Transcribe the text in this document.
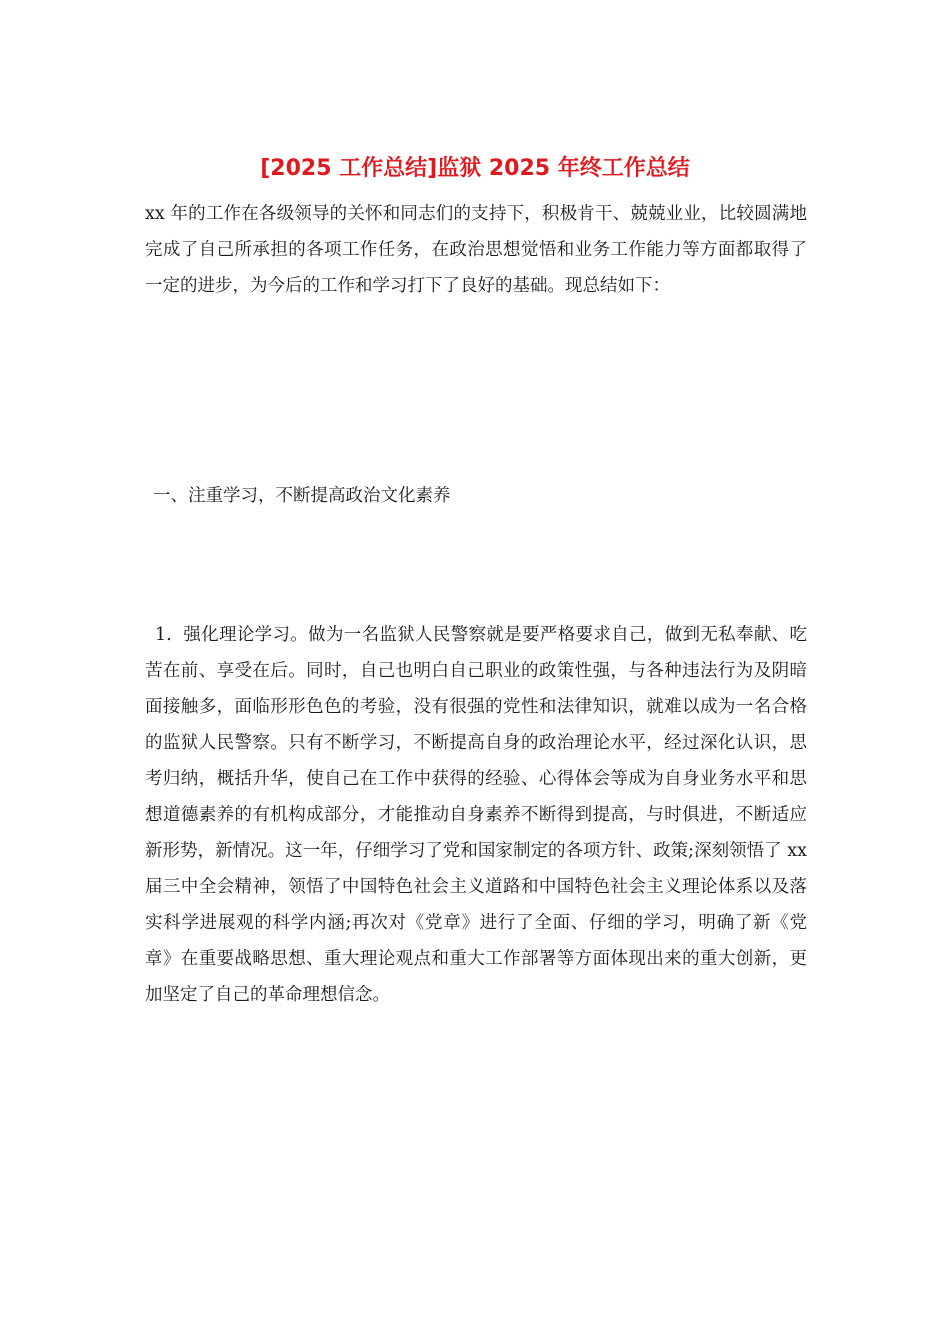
[2025 工作总结]监狱 2025 年终工作总结

xx 年的工作在各级领导的关怀和同志们的支持下，积极肯干、兢兢业业，比较圆满地完成了自己所承担的各项工作任务，在政治思想觉悟和业务工作能力等方面都取得了一定的进步，为今后的工作和学习打下了良好的基础。现总结如下：

一、注重学习，不断提高政治文化素养

1. 强化理论学习。做为一名监狱人民警察就是要严格要求自己，做到无私奉献、吃苦在前、享受在后。同时，自己也明白自己职业的政策性强，与各种违法行为及阴暗面接触多，面临形形色色的考验，没有很强的党性和法律知识，就难以成为一名合格的监狱人民警察。只有不断学习，不断提高自身的政治理论水平，经过深化认识，思考归纳，概括升华，使自己在工作中获得的经验、心得体会等成为自身业务水平和思想道德素养的有机构成部分，才能推动自身素养不断得到提高，与时俱进，不断适应新形势，新情况。这一年，仔细学习了党和国家制定的各项方针、政策;深刻领悟了 xx 届三中全会精神，领悟了中国特色社会主义道路和中国特色社会主义理论体系以及落实科学进展观的科学内涵;再次对《党章》进行了全面、仔细的学习，明确了新《党章》在重要战略思想、重大理论观点和重大工作部署等方面体现出来的重大创新，更加坚定了自己的革命理想信念。
